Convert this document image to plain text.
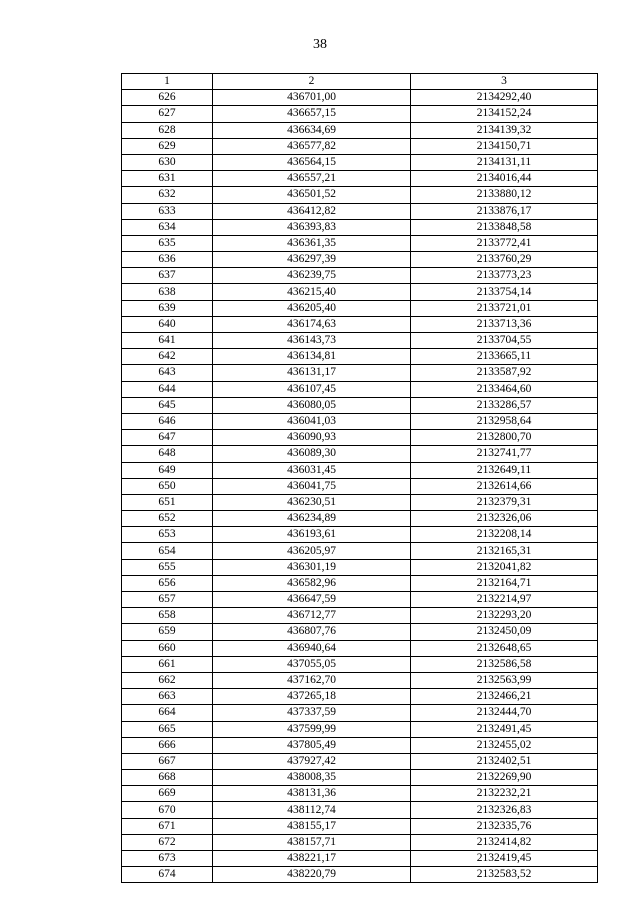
38
1	2	3
626	436701,00	2134292,40
627	436657,15	2134152,24
628	436634,69	2134139,32
629	436577,82	2134150,71
630	436564,15	2134131,11
631	436557,21	2134016,44
632	436501,52	2133880,12
633	436412,82	2133876,17
634	436393,83	2133848,58
635	436361,35	2133772,41
636	436297,39	2133760,29
637	436239,75	2133773,23
638	436215,40	2133754,14
639	436205,40	2133721,01
640	436174,63	2133713,36
641	436143,73	2133704,55
642	436134,81	2133665,11
643	436131,17	2133587,92
644	436107,45	2133464,60
645	436080,05	2133286,57
646	436041,03	2132958,64
647	436090,93	2132800,70
648	436089,30	2132741,77
649	436031,45	2132649,11
650	436041,75	2132614,66
651	436230,51	2132379,31
652	436234,89	2132326,06
653	436193,61	2132208,14
654	436205,97	2132165,31
655	436301,19	2132041,82
656	436582,96	2132164,71
657	436647,59	2132214,97
658	436712,77	2132293,20
659	436807,76	2132450,09
660	436940,64	2132648,65
661	437055,05	2132586,58
662	437162,70	2132563,99
663	437265,18	2132466,21
664	437337,59	2132444,70
665	437599,99	2132491,45
666	437805,49	2132455,02
667	437927,42	2132402,51
668	438008,35	2132269,90
669	438131,36	2132232,21
670	438112,74	2132326,83
671	438155,17	2132335,76
672	438157,71	2132414,82
673	438221,17	2132419,45
674	438220,79	2132583,52
